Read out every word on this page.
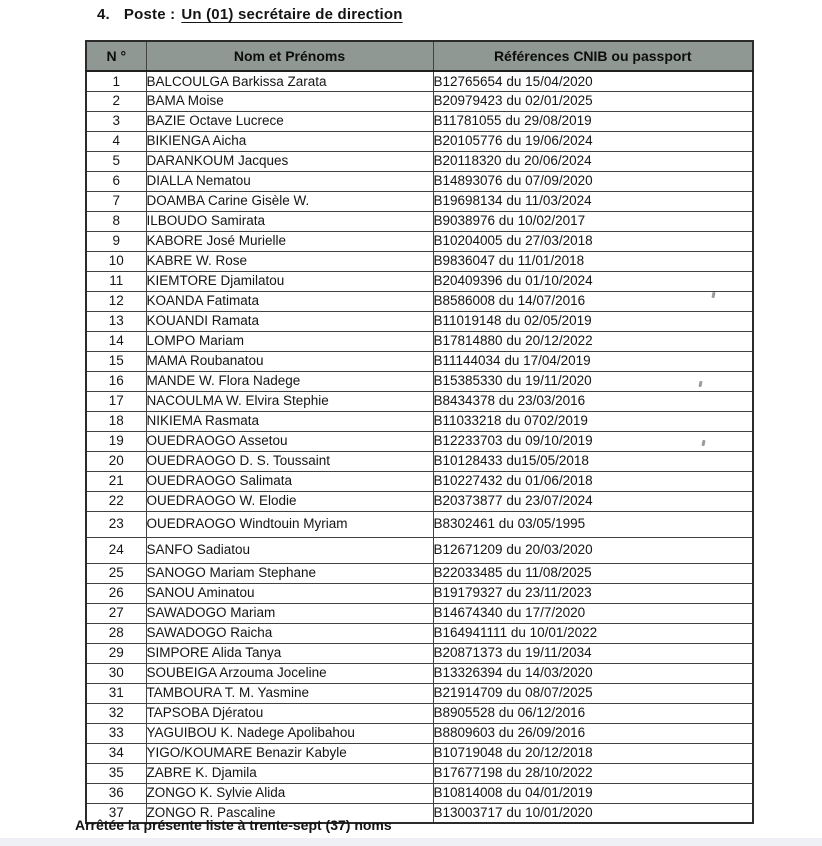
4. Poste : Un (01) secrétaire de direction
N °	Nom et Prénoms	Références CNIB ou passport
1	BALCOULGA Barkissa Zarata	B12765654 du 15/04/2020
2	BAMA Moise	B20979423 du 02/01/2025
3	BAZIE Octave Lucrece	B11781055 du 29/08/2019
4	BIKIENGA Aicha	B20105776 du 19/06/2024
5	DARANKOUM Jacques	B20118320 du 20/06/2024
6	DIALLA Nematou	B14893076 du 07/09/2020
7	DOAMBA Carine Gisèle W.	B19698134 du 11/03/2024
8	ILBOUDO Samirata	B9038976 du 10/02/2017
9	KABORE José Murielle	B10204005 du 27/03/2018
10	KABRE W. Rose	B9836047 du 11/01/2018
11	KIEMTORE Djamilatou	B20409396 du 01/10/2024
12	KOANDA Fatimata	B8586008 du 14/07/2016
13	KOUANDI Ramata	B11019148 du 02/05/2019
14	LOMPO Mariam	B17814880 du 20/12/2022
15	MAMA Roubanatou	B11144034 du 17/04/2019
16	MANDE W. Flora Nadege	B15385330 du 19/11/2020
17	NACOULMA W. Elvira Stephie	B8434378 du 23/03/2016
18	NIKIEMA Rasmata	B11033218 du 0702/2019
19	OUEDRAOGO Assetou	B12233703 du 09/10/2019
20	OUEDRAOGO D. S. Toussaint	B10128433 du15/05/2018
21	OUEDRAOGO Salimata	B10227432 du 01/06/2018
22	OUEDRAOGO W. Elodie	B20373877 du 23/07/2024
23	OUEDRAOGO Windtouin Myriam	B8302461 du 03/05/1995
24	SANFO Sadiatou	B12671209 du 20/03/2020
25	SANOGO Mariam Stephane	B22033485 du 11/08/2025
26	SANOU Aminatou	B19179327 du 23/11/2023
27	SAWADOGO Mariam	B14674340 du 17/7/2020
28	SAWADOGO Raicha	B164941111 du 10/01/2022
29	SIMPORE Alida Tanya	B20871373 du 19/11/2034
30	SOUBEIGA Arzouma Joceline	B13326394 du 14/03/2020
31	TAMBOURA T. M. Yasmine	B21914709 du 08/07/2025
32	TAPSOBA Djératou	B8905528 du 06/12/2016
33	YAGUIBOU K. Nadege Apolibahou	B8809603 du 26/09/2016
34	YIGO/KOUMARE Benazir Kabyle	B10719048 du 20/12/2018
35	ZABRE K. Djamila	B17677198 du 28/10/2022
36	ZONGO K. Sylvie Alida	B10814008 du 04/01/2019
37	ZONGO R. Pascaline	B13003717 du 10/01/2020
Arrêtée la présente liste à trente-sept (37) noms
